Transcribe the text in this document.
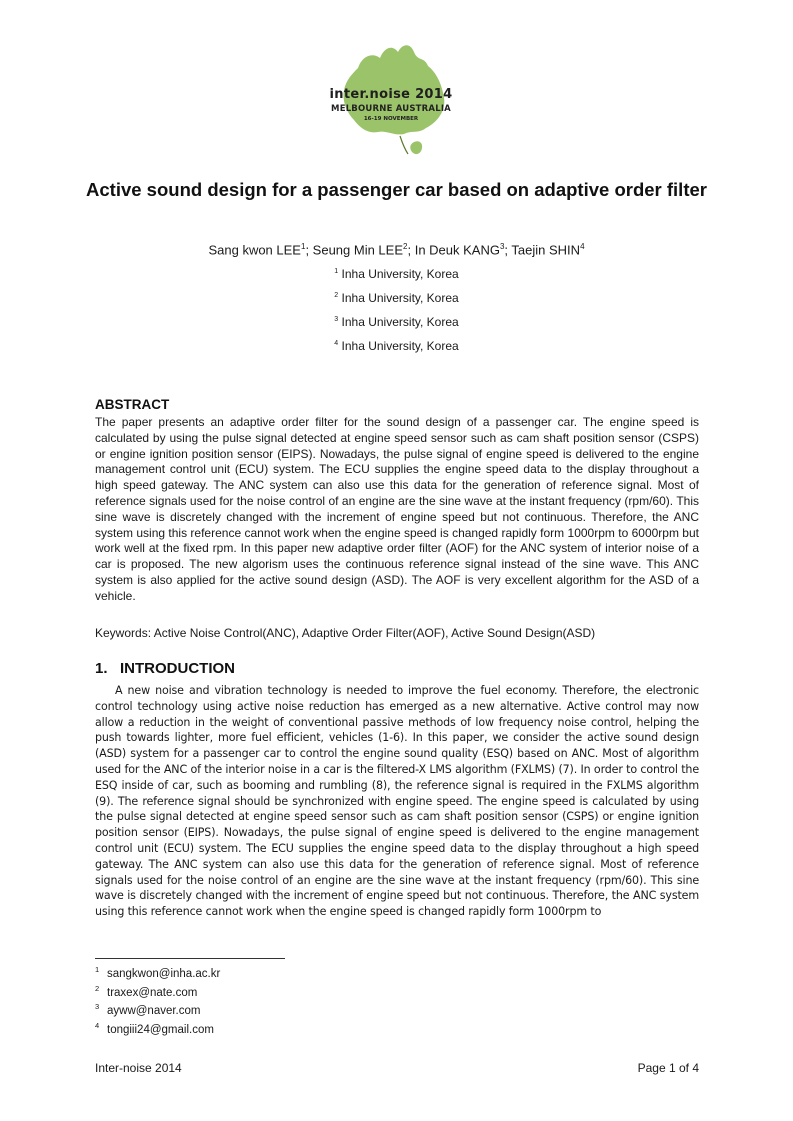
inter.noise 2014
MELBOURNE AUSTRALIA
16-19 NOVEMBER
Active sound design for a passenger car based on adaptive order filter

Sang kwon LEE$^1$; Seung Min LEE$^2$; In Deuk KANG$^3$; Taejin SHIN$^4$

$^1$ Inha University, Korea

$^2$ Inha University, Korea

$^3$ Inha University, Korea

$^4$ Inha University, Korea

ABSTRACT

The paper presents an adaptive order filter for the sound design of a passenger car. The engine speed is calculated by using the pulse signal detected at engine speed sensor such as cam shaft position sensor (CSPS) or engine ignition position sensor (EIPS). Nowadays, the pulse signal of engine speed is delivered to the engine management control unit (ECU) system. The ECU supplies the engine speed data to the display throughout a high speed gateway. The ANC system can also use this data for the generation of reference signal. Most of reference signals used for the noise control of an engine are the sine wave at the instant frequency (rpm/60). This sine wave is discretely changed with the increment of engine speed but not continuous. Therefore, the ANC system using this reference cannot work when the engine speed is changed rapidly form 1000rpm to 6000rpm but work well at the fixed rpm. In this paper new adaptive order filter (AOF) for the ANC system of interior noise of a car is proposed. The new algorism uses the continuous reference signal instead of the sine wave. This ANC system is also applied for the active sound design (ASD). The AOF is very excellent algorithm for the ASD of a vehicle.

Keywords: Active Noise Control(ANC), Adaptive Order Filter(AOF), Active Sound Design(ASD)

1.   INTRODUCTION

A new noise and vibration technology is needed to improve the fuel economy. Therefore, the electronic control technology using active noise reduction has emerged as a new alternative. Active control may now allow a reduction in the weight of conventional passive methods of low frequency noise control, helping the push towards lighter, more fuel efficient, vehicles (1-6). In this paper, we consider the active sound design (ASD) system for a passenger car to control the engine sound quality (ESQ) based on ANC. Most of algorithm used for the ANC of the interior noise in a car is the filtered-X LMS algorithm (FXLMS) (7). In order to control the ESQ inside of car, such as booming and rumbling (8), the reference signal is required in the FXLMS algorithm (9). The reference signal should be synchronized with engine speed. The engine speed is calculated by using the pulse signal detected at engine speed sensor such as cam shaft position sensor (CSPS) or engine ignition position sensor (EIPS). Nowadays, the pulse signal of engine speed is delivered to the engine management control unit (ECU) system. The ECU supplies the engine speed data to the display throughout a high speed gateway. The ANC system can also use this data for the generation of reference signal. Most of reference signals used for the noise control of an engine are the sine wave at the instant frequency (rpm/60). This sine wave is discretely changed with the increment of engine speed but not continuous. Therefore, the ANC system using this reference cannot work when the engine speed is changed rapidly form 1000rpm to

$^1$ sangkwon@inha.ac.kr
$^2$ traxex@nate.com
$^3$ ayww@naver.com
$^4$ tongiii24@gmail.com

Inter-noise 2014	Page 1 of 4
